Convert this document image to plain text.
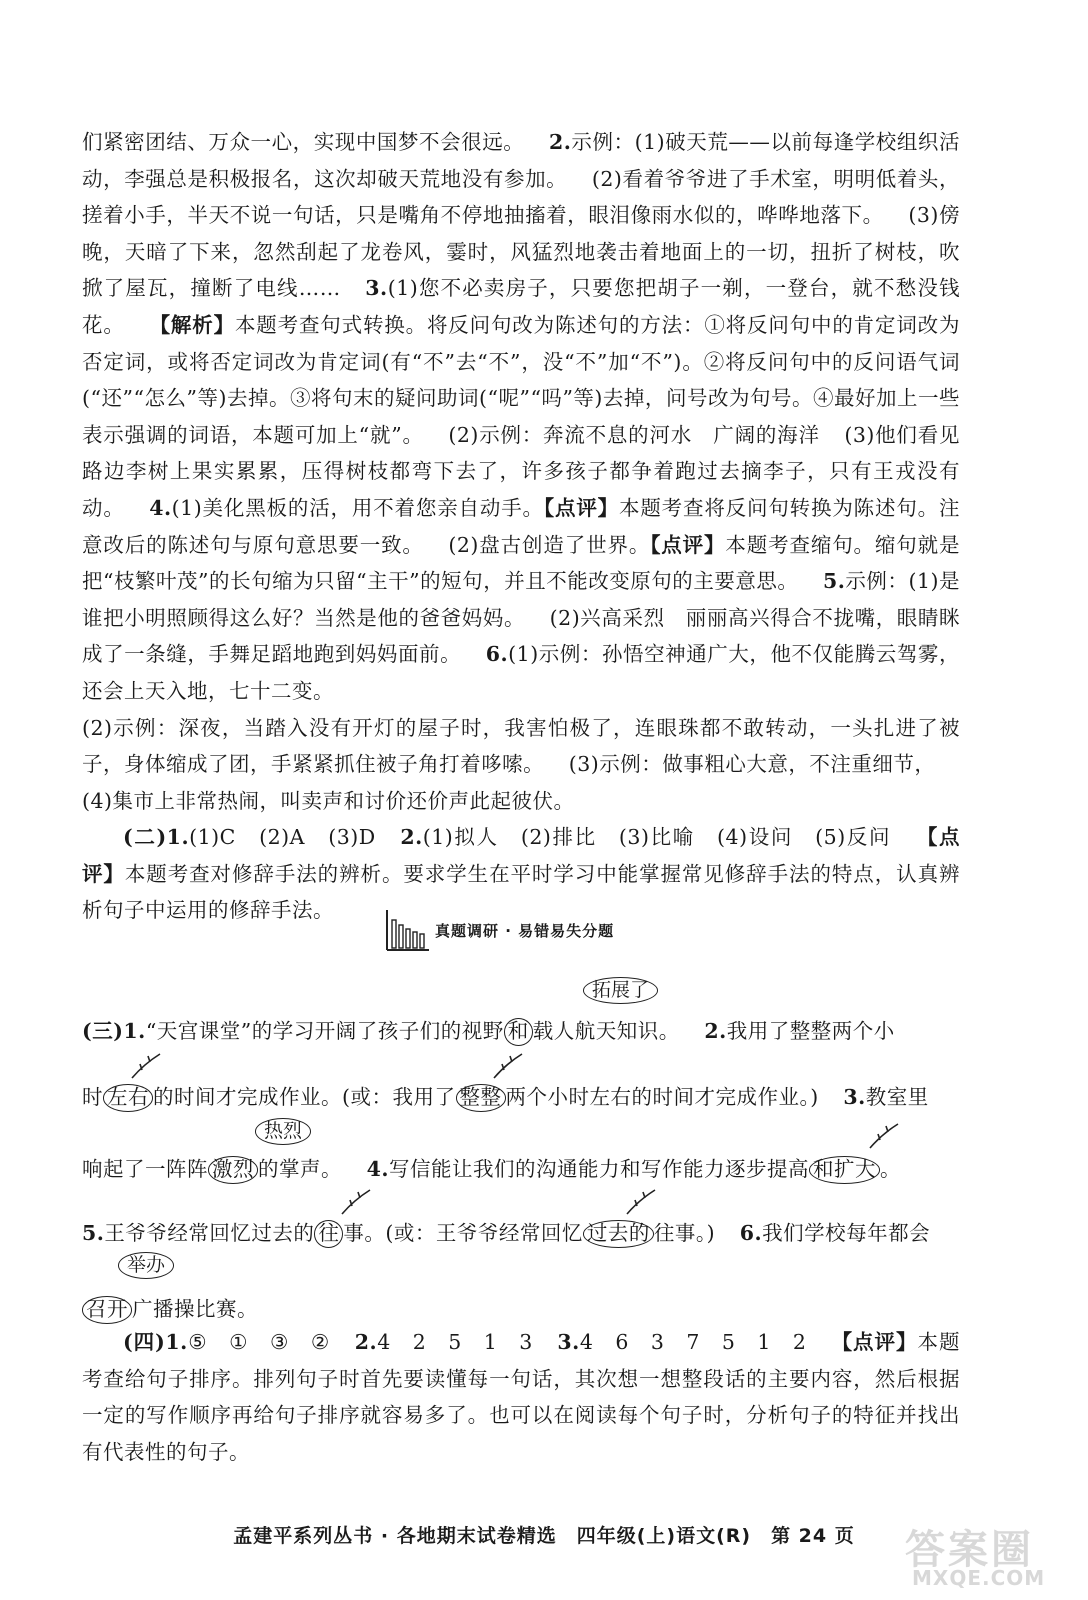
们紧密团结、万众一心，实现中国梦不会很远。 2.示例：(1)破天荒——以前每逢学校组织活动，李强总是积极报名，这次却破天荒地没有参加。 (2)看着爷爷进了手术室，明明低着头，搓着小手，半天不说一句话，只是嘴角不停地抽搐着，眼泪像雨水似的，哗哗地落下。 (3)傍晚，天暗了下来，忽然刮起了龙卷风，霎时，风猛烈地袭击着地面上的一切，扭折了树枝，吹掀了屋瓦，撞断了电线…… 3.(1)您不必卖房子，只要您把胡子一剃，一登台，就不愁没钱花。 【解析】本题考查句式转换。将反问句改为陈述句的方法：①将反问句中的肯定词改为否定词，或将否定词改为肯定词(有“不”去“不”，没“不”加“不”)。②将反问句中的反问语气词(“还”“怎么”等)去掉。③将句末的疑问助词(“呢”“吗”等)去掉，问号改为句号。④最好加上一些表示强调的词语，本题可加上“就”。 (2)示例：奔流不息的河水　广阔的海洋 (3)他们看见路边李树上果实累累，压得树枝都弯下去了，许多孩子都争着跑过去摘李子，只有王戎没有动。 4.(1)美化黑板的活，用不着您亲自动手。【点评】本题考查将反问句转换为陈述句。注意改后的陈述句与原句意思要一致。 (2)盘古创造了世界。【点评】本题考查缩句。缩句就是把“枝繁叶茂”的长句缩为只留“主干”的短句，并且不能改变原句的主要意思。 5.示例：(1)是谁把小明照顾得这么好？当然是他的爸爸妈妈。 (2)兴高采烈　丽丽高兴得合不拢嘴，眼睛眯成了一条缝，手舞足蹈地跑到妈妈面前。 6.(1)示例：孙悟空神通广大，他不仅能腾云驾雾，还会上天入地，七十二变。
(2)示例：深夜，当踏入没有开灯的屋子时，我害怕极了，连眼珠都不敢转动，一头扎进了被子，身体缩成了团，手紧紧抓住被子角打着哆嗦。 (3)示例：做事粗心大意，不注重细节，(4)集市上非常热闹，叫卖声和讨价还价声此起彼伏。

(二)1.(1)C　(2)A　(3)D 2.(1)拟人　(2)排比　(3)比喻　(4)设问　(5)反问 【点评】本题考查对修辞手法的辨析。要求学生在平时学习中能掌握常见修辞手法的特点，认真辨析句子中运用的修辞手法。

真题调研 · 易错易失分题
拓展了
(三)1.“天宫课堂”的学习开阔了孩子们的视野 和 载人航天知识。 2.我用了整整两个小
时 左右 的时间才完成作业。(或：我用了 整整 两个小时左右的时间才完成作业。) 3.教室里
热烈
响起了一阵阵 激烈 的掌声。 4.写信能让我们的沟通能力和写作能力逐步提高 和扩大 。
5.王爷爷经常回忆过去的 往 事。(或：王爷爷经常回忆 过去的 往事。) 6.我们学校每年都会
举办
召开 广播操比赛。

(四)1.⑤　①　③　② 2.4　2　5　1　3 3.4　6　3　7　5　1　2 【点评】本题考查给句子排序。排列句子时首先要读懂每一句话，其次想一想整段话的主要内容，然后根据一定的写作顺序再给句子排序就容易多了。也可以在阅读每个句子时，分析句子的特征并找出有代表性的句子。

孟建平系列丛书 · 各地期末试卷精选　四年级(上)语文(R)　第 24 页	答案圈
MXQE.COM
